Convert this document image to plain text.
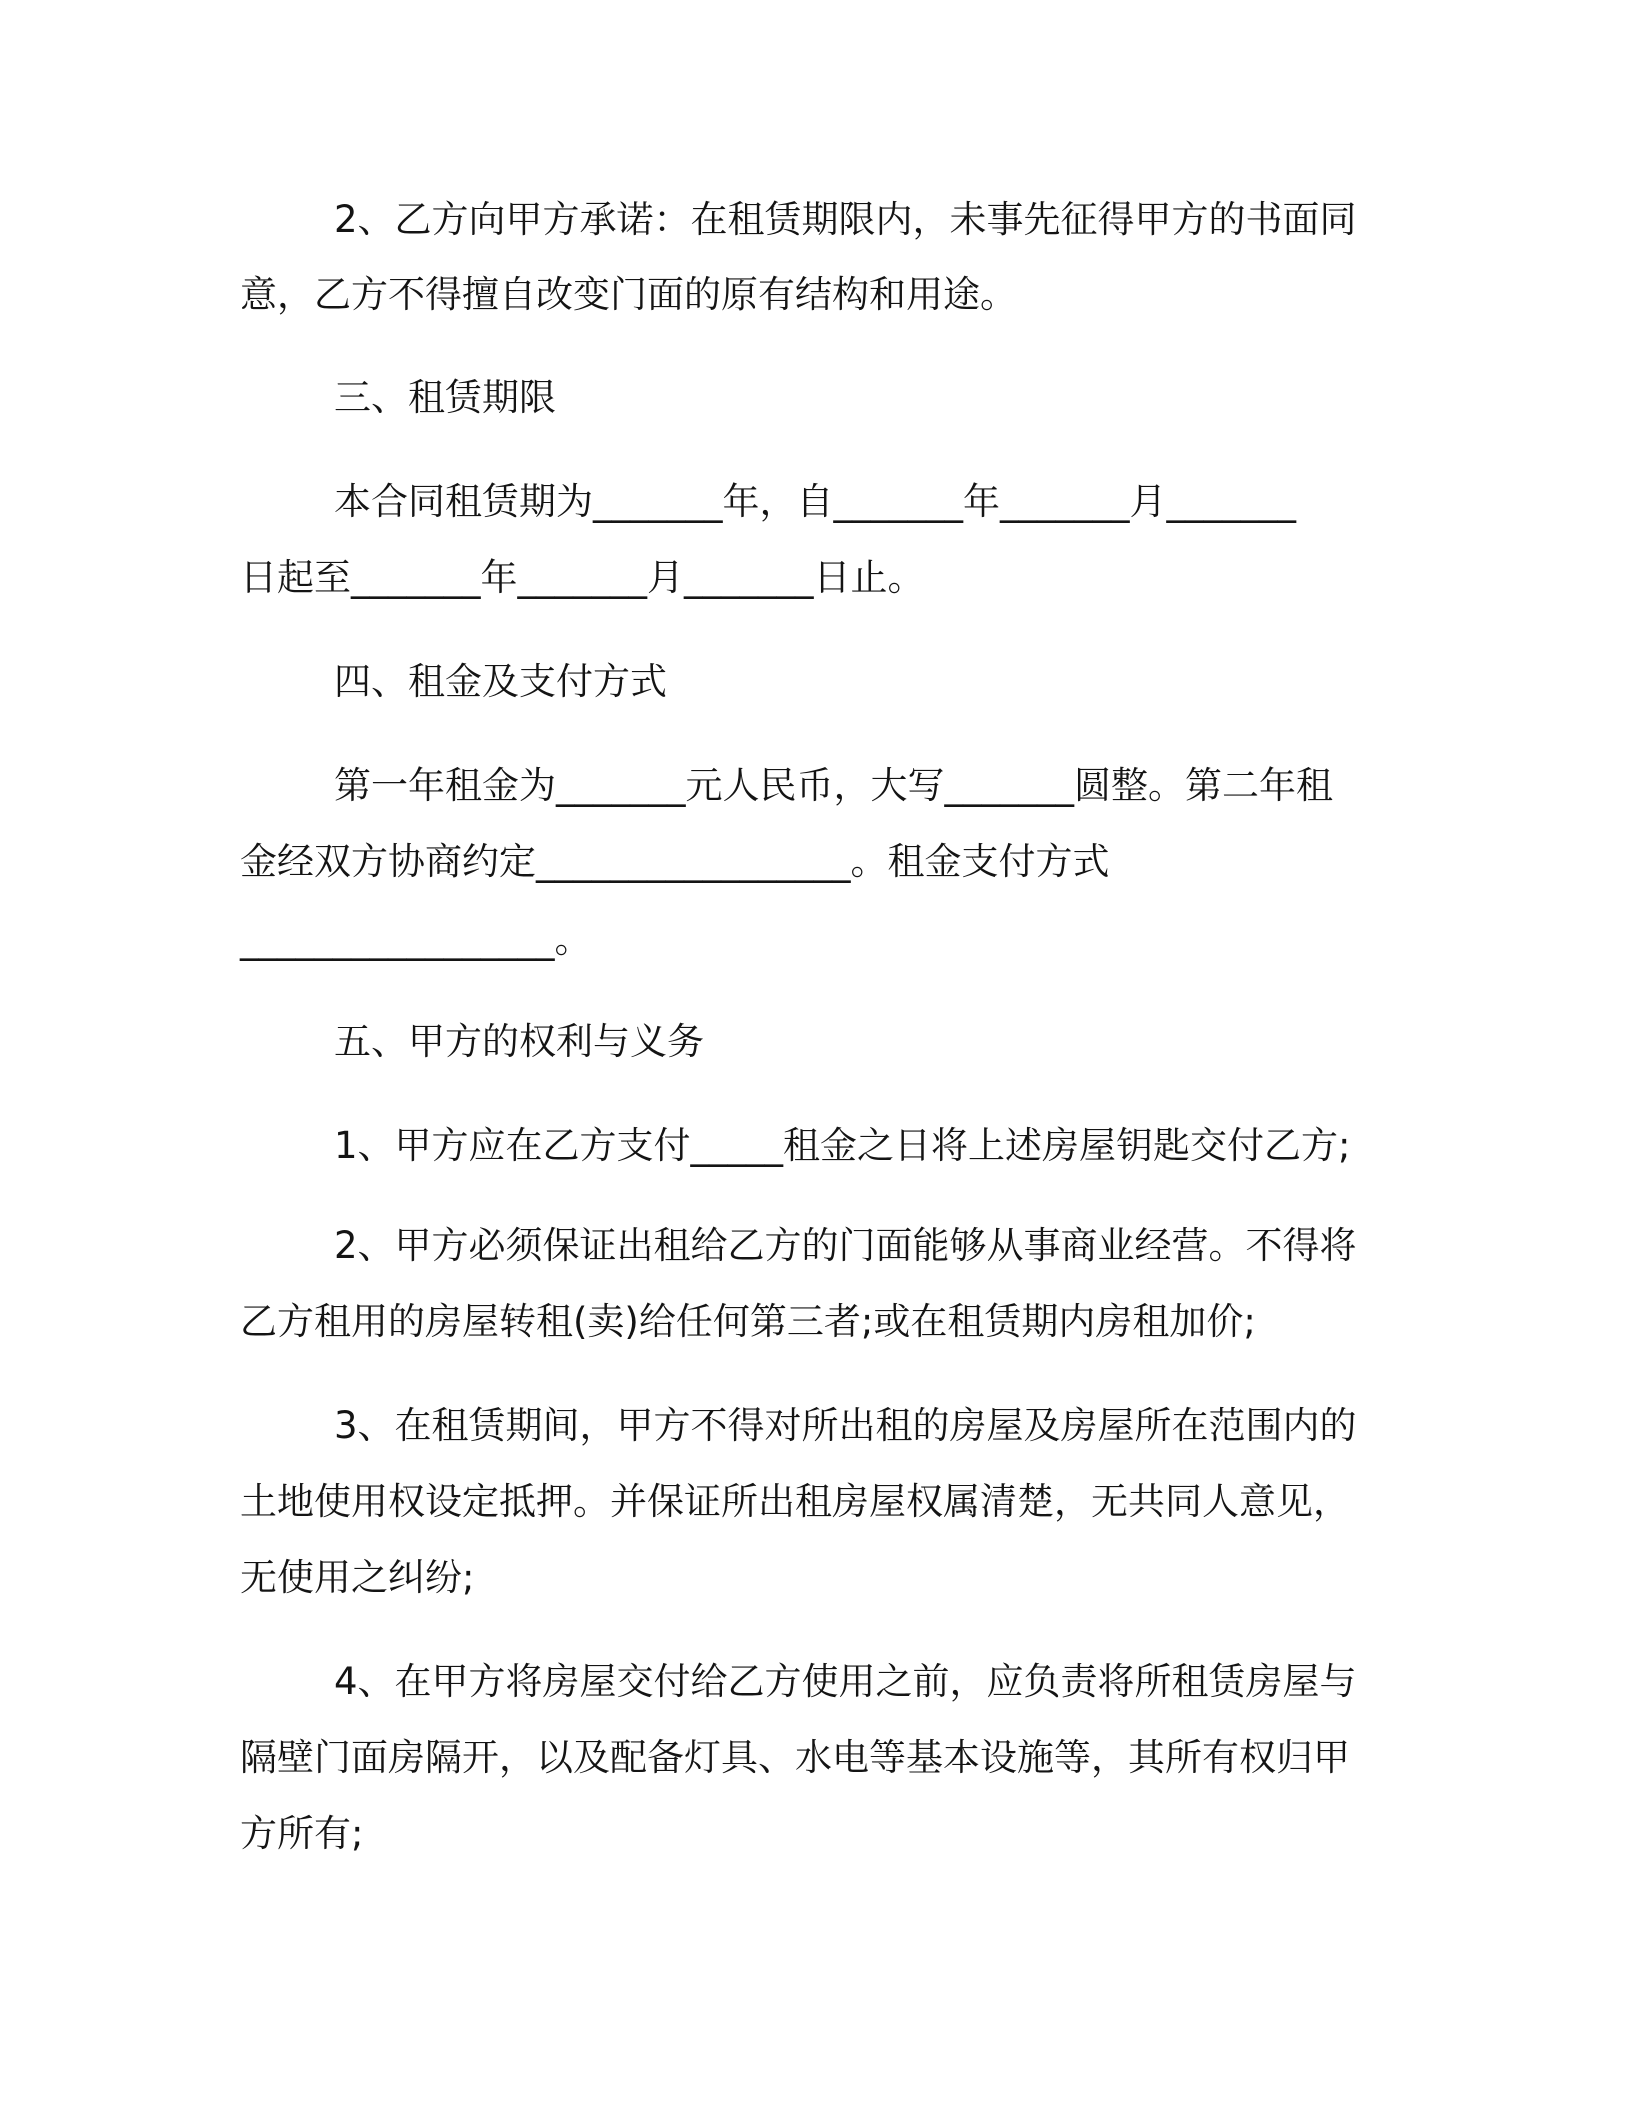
2、乙方向甲方承诺：在租赁期限内，未事先征得甲方的书面同
意，乙方不得擅自改变门面的原有结构和用途。
三、租赁期限
本合同租赁期为_______年，自_______年_______月_______
日起至_______年_______月_______日止。
四、租金及支付方式
第一年租金为_______元人民币，大写_______圆整。第二年租
金经双方协商约定_________________。租金支付方式
_________________。
五、甲方的权利与义务
1、甲方应在乙方支付_____租金之日将上述房屋钥匙交付乙方;
2、甲方必须保证出租给乙方的门面能够从事商业经营。不得将
乙方租用的房屋转租(卖)给任何第三者;或在租赁期内房租加价;
3、在租赁期间，甲方不得对所出租的房屋及房屋所在范围内的
土地使用权设定抵押。并保证所出租房屋权属清楚，无共同人意见，
无使用之纠纷;
4、在甲方将房屋交付给乙方使用之前，应负责将所租赁房屋与
隔壁门面房隔开，以及配备灯具、水电等基本设施等，其所有权归甲
方所有;
